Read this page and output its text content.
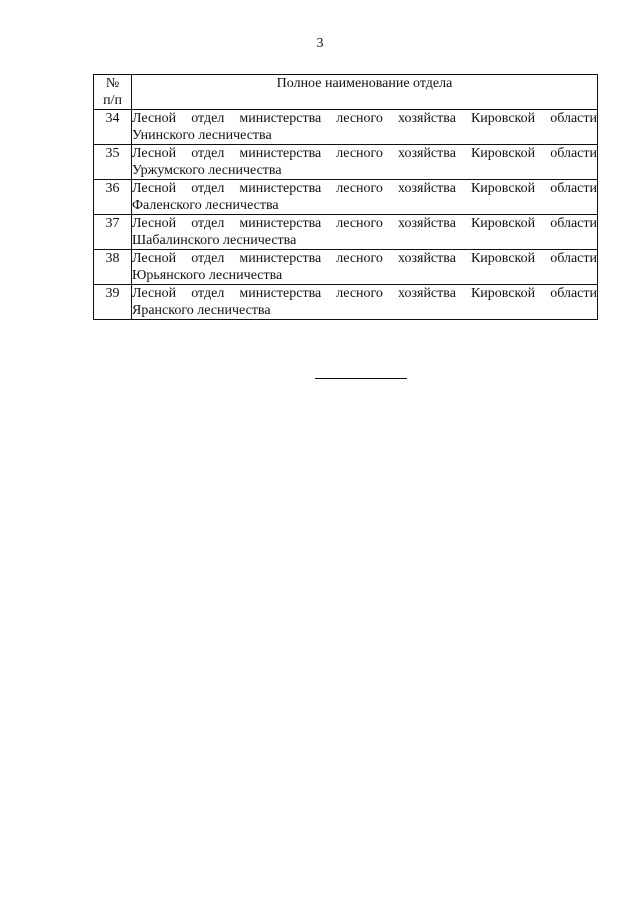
3
№
п/п	Полное наименование отдела
34	Лесной отдел министерства лесного хозяйства Кировской области
Унинского лесничества

35	Лесной отдел министерства лесного хозяйства Кировской области
Уржумского лесничества

36	Лесной отдел министерства лесного хозяйства Кировской области
Фаленского лесничества

37	Лесной отдел министерства лесного хозяйства Кировской области
Шабалинского лесничества

38	Лесной отдел министерства лесного хозяйства Кировской области
Юрьянского лесничества

39	Лесной отдел министерства лесного хозяйства Кировской области
Яранского лесничества
